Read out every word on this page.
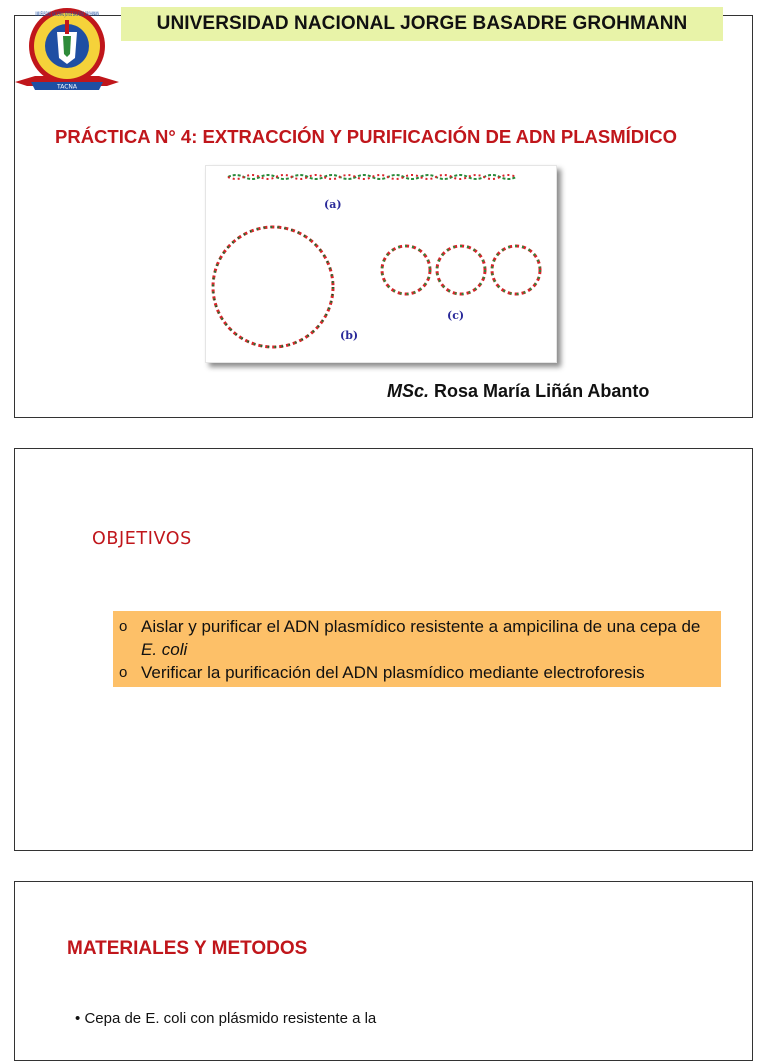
UNIVERSIDAD NACIONAL JORGE BASADRE GROHMANN
TACNA
UNIVERSIDAD NACIONAL JORGE BASADRE GROHMANN
PRÁCTICA N° 4: EXTRACCIÓN Y PURIFICACIÓN DE ADN PLASMÍDICO
(a)
(b)
(c)
MSc. Rosa María Liñán Abanto
OBJETIVOS
o Aislar y purificar el ADN plasmídico resistente a ampicilina de una cepa de E. coli
o Verificar la purificación del ADN plasmídico mediante electroforesis
MATERIALES Y METODOS
• Cepa de E. coli con plásmido resistente a la
